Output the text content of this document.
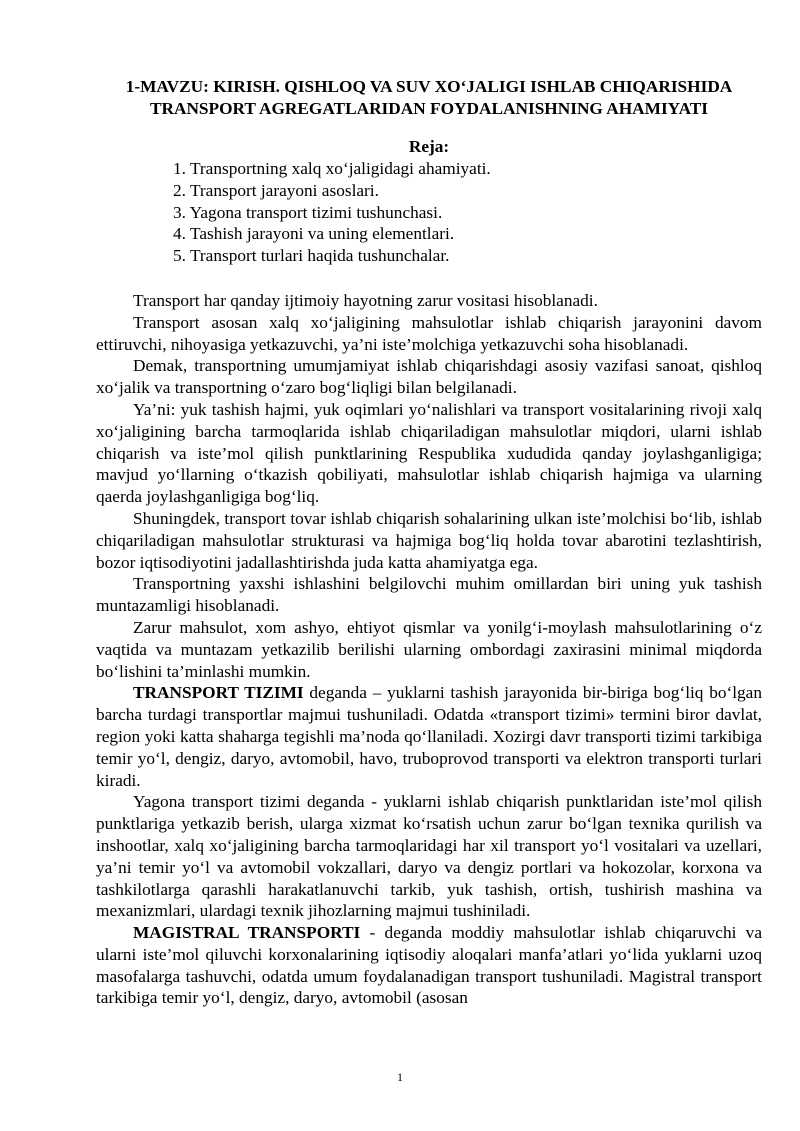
1-MAVZU: KIRISH. QISHLOQ VA SUV XO‘JALIGI ISHLAB CHIQARISHIDA TRANSPORT AGREGATLARIDAN FOYDALANISHNING AHAMIYATI
Reja:
1. Transportning xalq xo‘jaligidagi ahamiyati.
2. Transport jarayoni asoslari.
3. Yagona transport tizimi tushunchasi.
4. Tashish jarayoni va uning elementlari.
5. Transport turlari haqida tushunchalar.

Transport har qanday ijtimoiy hayotning zarur vositasi hisoblanadi.

Transport asosan xalq xo‘jaligining mahsulotlar ishlab chiqarish jarayonini davom ettiruvchi, nihoyasiga yetkazuvchi, ya’ni iste’molchiga yetkazuvchi soha hisoblanadi.

Demak, transportning umumjamiyat ishlab chiqarishdagi asosiy vazifasi sanoat, qishloq xo‘jalik va transportning o‘zaro bog‘liqligi bilan belgilanadi.

Ya’ni: yuk tashish hajmi, yuk oqimlari yo‘nalishlari va transport vositalarining rivoji xalq xo‘jaligining barcha tarmoqlarida ishlab chiqariladigan mahsulotlar miqdori, ularni ishlab chiqarish va iste’mol qilish punktlarining Respublika xududida qanday joylashganligiga; mavjud yo‘llarning o‘tkazish qobiliyati, mahsulotlar ishlab chiqarish hajmiga va ularning qaerda joylashganligiga bog‘liq.

Shuningdek, transport tovar ishlab chiqarish sohalarining ulkan iste’molchisi bo‘lib, ishlab chiqariladigan mahsulotlar strukturasi va hajmiga bog‘liq holda tovar abarotini tezlashtirish, bozor iqtisodiyotini jadallashtirishda juda katta ahamiyatga ega.

Transportning yaxshi ishlashini belgilovchi muhim omillardan biri uning yuk tashish muntazamligi hisoblanadi.

Zarur mahsulot, xom ashyo, ehtiyot qismlar va yonilg‘i-moylash mahsulotlarining o‘z vaqtida va muntazam yetkazilib berilishi ularning ombordagi zaxirasini minimal miqdorda bo‘lishini ta’minlashi mumkin.

TRANSPORT TIZIMI deganda – yuklarni tashish jarayonida bir-biriga bog‘liq bo‘lgan barcha turdagi transportlar majmui tushuniladi. Odatda «transport tizimi» termini biror davlat, region yoki katta shaharga tegishli ma’noda qo‘llaniladi. Xozirgi davr transporti tizimi tarkibiga temir yo‘l, dengiz, daryo, avtomobil, havo, truboprovod transporti va elektron transporti turlari kiradi.

Yagona transport tizimi deganda - yuklarni ishlab chiqarish punktlaridan iste’mol qilish punktlariga yetkazib berish, ularga xizmat ko‘rsatish uchun zarur bo‘lgan texnika qurilish va inshootlar, xalq xo‘jaligining barcha tarmoqlaridagi har xil transport yo‘l vositalari va uzellari, ya’ni temir yo‘l va avtomobil vokzallari, daryo va dengiz portlari va hokozolar, korxona va tashkilotlarga qarashli harakatlanuvchi tarkib, yuk tashish, ortish, tushirish mashina va mexanizmlari, ulardagi texnik jihozlarning majmui tushiniladi.

MAGISTRAL TRANSPORTI - deganda moddiy mahsulotlar ishlab chiqaruvchi va ularni iste’mol qiluvchi korxonalarining iqtisodiy aloqalari manfa’atlari yo‘lida yuklarni uzoq masofalarga tashuvchi, odatda umum foydalanadigan transport tushuniladi. Magistral transport tarkibiga temir yo‘l, dengiz, daryo, avtomobil (asosan

1
